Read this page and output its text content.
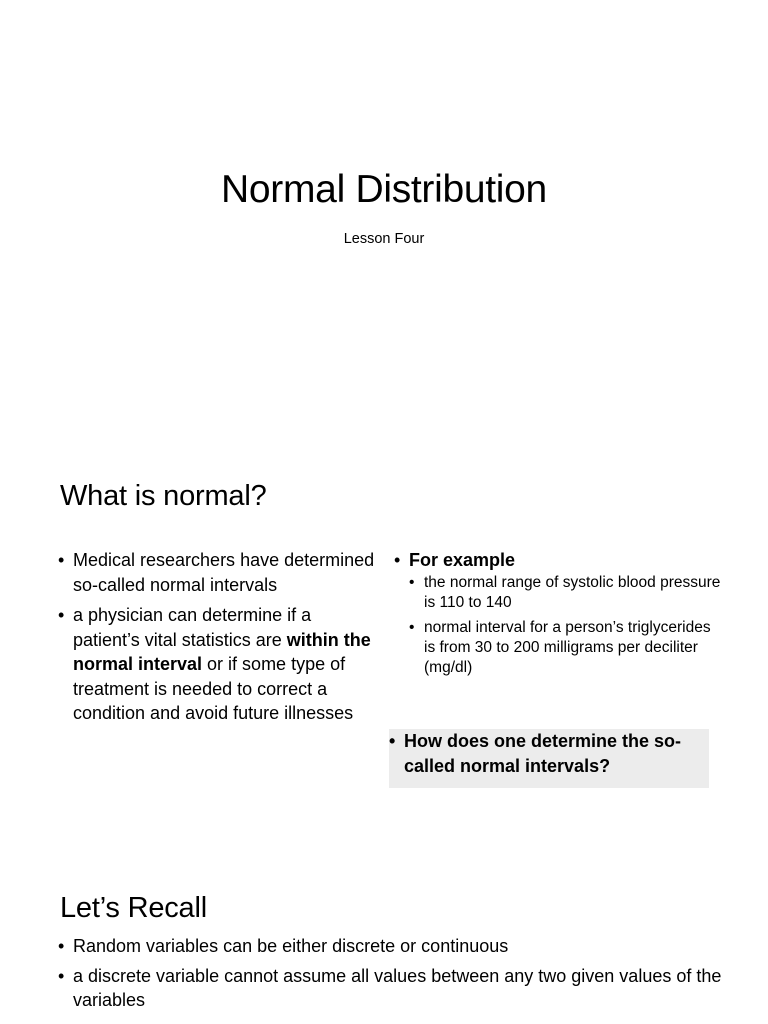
Normal Distribution
Lesson Four
What is normal?
• Medical researchers have determined so-called normal intervals
• a physician can determine if a patient’s vital statistics are within the normal interval or if some type of treatment is needed to correct a condition and avoid future illnesses
• For example
• the normal range of systolic blood pressure is 110 to 140
• normal interval for a person’s triglycerides is from 30 to 200 milligrams per deciliter (mg/dl)
• How does one determine the so-called normal intervals?
Let’s Recall
• Random variables can be either discrete or continuous
• a discrete variable cannot assume all values between any two given values of the variables
